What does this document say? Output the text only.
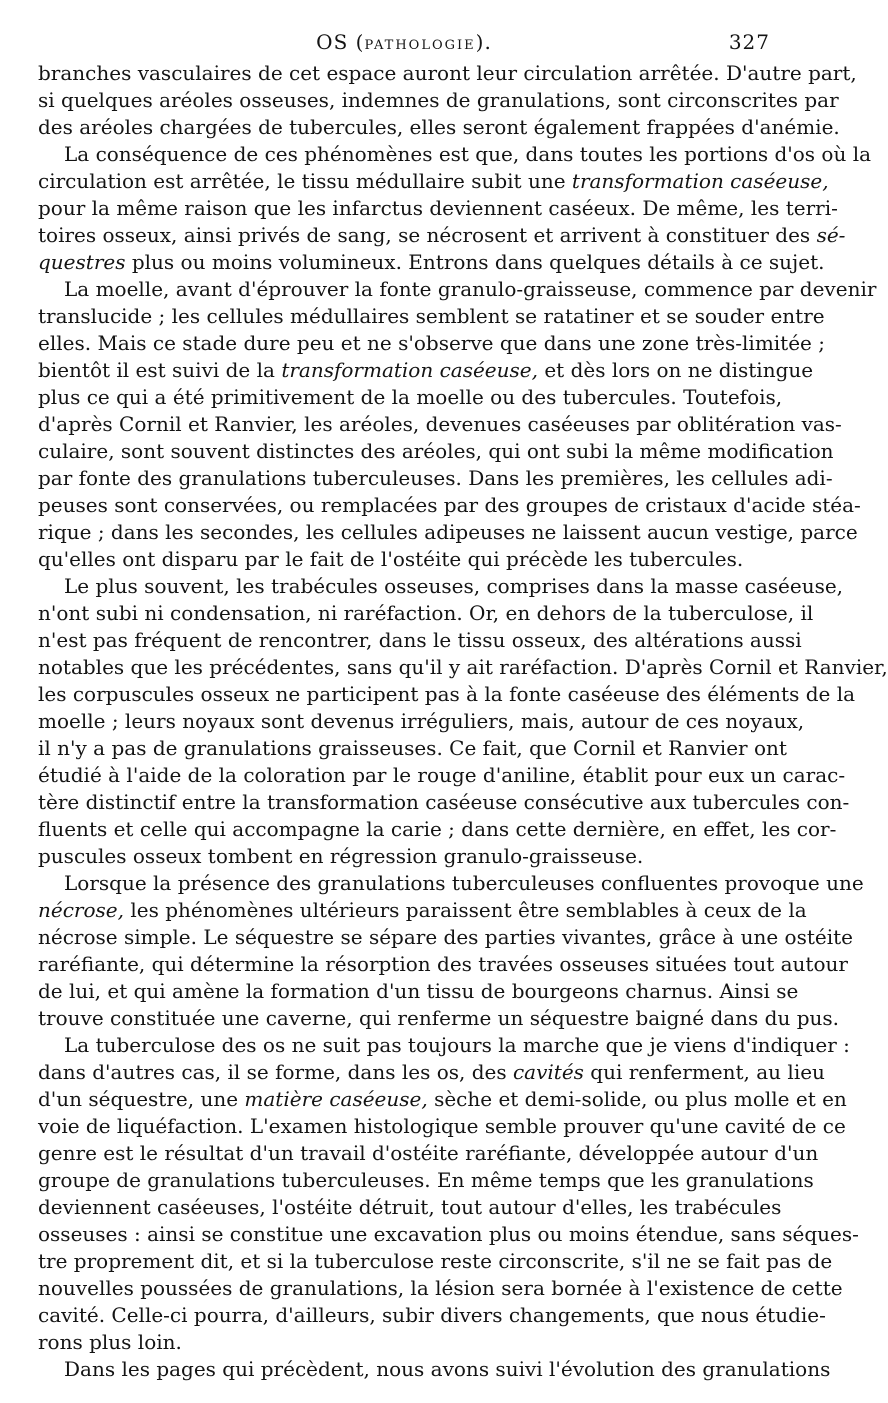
OS (PATHOLOGIE).	327
branches vasculaires de cet espace auront leur circulation arrêtée. D'autre part,
si quelques aréoles osseuses, indemnes de granulations, sont circonscrites par
des aréoles chargées de tubercules, elles seront également frappées d'anémie.
La conséquence de ces phénomènes est que, dans toutes les portions d'os où la
circulation est arrêtée, le tissu médullaire subit une transformation caséeuse,
pour la même raison que les infarctus deviennent caséeux. De même, les terri-
toires osseux, ainsi privés de sang, se nécrosent et arrivent à constituer des sé-
questres plus ou moins volumineux. Entrons dans quelques détails à ce sujet.
La moelle, avant d'éprouver la fonte granulo-graisseuse, commence par devenir
translucide ; les cellules médullaires semblent se ratatiner et se souder entre
elles. Mais ce stade dure peu et ne s'observe que dans une zone très-limitée ;
bientôt il est suivi de la transformation caséeuse, et dès lors on ne distingue
plus ce qui a été primitivement de la moelle ou des tubercules. Toutefois,
d'après Cornil et Ranvier, les aréoles, devenues caséeuses par oblitération vas-
culaire, sont souvent distinctes des aréoles, qui ont subi la même modification
par fonte des granulations tuberculeuses. Dans les premières, les cellules adi-
peuses sont conservées, ou remplacées par des groupes de cristaux d'acide stéa-
rique ; dans les secondes, les cellules adipeuses ne laissent aucun vestige, parce
qu'elles ont disparu par le fait de l'ostéite qui précède les tubercules.
Le plus souvent, les trabécules osseuses, comprises dans la masse caséeuse,
n'ont subi ni condensation, ni raréfaction. Or, en dehors de la tuberculose, il
n'est pas fréquent de rencontrer, dans le tissu osseux, des altérations aussi
notables que les précédentes, sans qu'il y ait raréfaction. D'après Cornil et Ranvier,
les corpuscules osseux ne participent pas à la fonte caséeuse des éléments de la
moelle ; leurs noyaux sont devenus irréguliers, mais, autour de ces noyaux,
il n'y a pas de granulations graisseuses. Ce fait, que Cornil et Ranvier ont
étudié à l'aide de la coloration par le rouge d'aniline, établit pour eux un carac-
tère distinctif entre la transformation caséeuse consécutive aux tubercules con-
fluents et celle qui accompagne la carie ; dans cette dernière, en effet, les cor-
puscules osseux tombent en régression granulo-graisseuse.
Lorsque la présence des granulations tuberculeuses confluentes provoque une
nécrose, les phénomènes ultérieurs paraissent être semblables à ceux de la
nécrose simple. Le séquestre se sépare des parties vivantes, grâce à une ostéite
raréfiante, qui détermine la résorption des travées osseuses situées tout autour
de lui, et qui amène la formation d'un tissu de bourgeons charnus. Ainsi se
trouve constituée une caverne, qui renferme un séquestre baigné dans du pus.
La tuberculose des os ne suit pas toujours la marche que je viens d'indiquer :
dans d'autres cas, il se forme, dans les os, des cavités qui renferment, au lieu
d'un séquestre, une matière caséeuse, sèche et demi-solide, ou plus molle et en
voie de liquéfaction. L'examen histologique semble prouver qu'une cavité de ce
genre est le résultat d'un travail d'ostéite raréfiante, développée autour d'un
groupe de granulations tuberculeuses. En même temps que les granulations
deviennent caséeuses, l'ostéite détruit, tout autour d'elles, les trabécules
osseuses : ainsi se constitue une excavation plus ou moins étendue, sans séques-
tre proprement dit, et si la tuberculose reste circonscrite, s'il ne se fait pas de
nouvelles poussées de granulations, la lésion sera bornée à l'existence de cette
cavité. Celle-ci pourra, d'ailleurs, subir divers changements, que nous étudie-
rons plus loin.
Dans les pages qui précèdent, nous avons suivi l'évolution des granulations
